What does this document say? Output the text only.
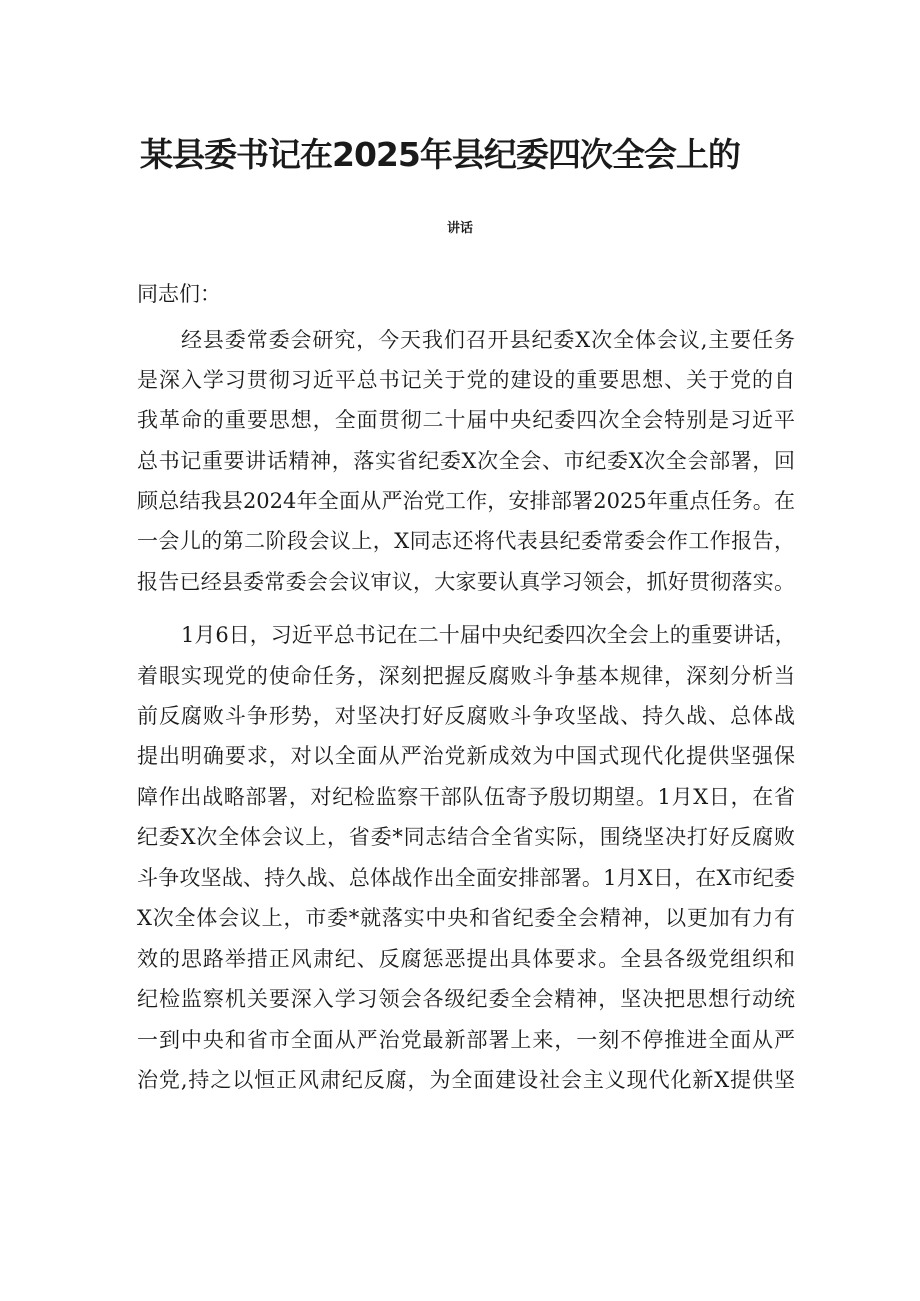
某县委书记在2025年县纪委四次全会上的
讲话
同志们：
经县委常委会研究，今天我们召开县纪委X次全体会议,主要任务
是深入学习贯彻习近平总书记关于党的建设的重要思想、关于党的自
我革命的重要思想，全面贯彻二十届中央纪委四次全会特别是习近平
总书记重要讲话精神，落实省纪委X次全会、市纪委X次全会部署，回
顾总结我县2024年全面从严治党工作，安排部署2025年重点任务。在
一会儿的第二阶段会议上，X同志还将代表县纪委常委会作工作报告，
报告已经县委常委会会议审议，大家要认真学习领会，抓好贯彻落实。
1月6日，习近平总书记在二十届中央纪委四次全会上的重要讲话，
着眼实现党的使命任务，深刻把握反腐败斗争基本规律，深刻分析当
前反腐败斗争形势，对坚决打好反腐败斗争攻坚战、持久战、总体战
提出明确要求，对以全面从严治党新成效为中国式现代化提供坚强保
障作出战略部署，对纪检监察干部队伍寄予殷切期望。1月X日，在省
纪委X次全体会议上，省委*同志结合全省实际，围绕坚决打好反腐败
斗争攻坚战、持久战、总体战作出全面安排部署。1月X日，在X市纪委
X次全体会议上，市委*就落实中央和省纪委全会精神，以更加有力有
效的思路举措正风肃纪、反腐惩恶提出具体要求。全县各级党组织和
纪检监察机关要深入学习领会各级纪委全会精神，坚决把思想行动统
一到中央和省市全面从严治党最新部署上来，一刻不停推进全面从严
治党,持之以恒正风肃纪反腐，为全面建设社会主义现代化新X提供坚
